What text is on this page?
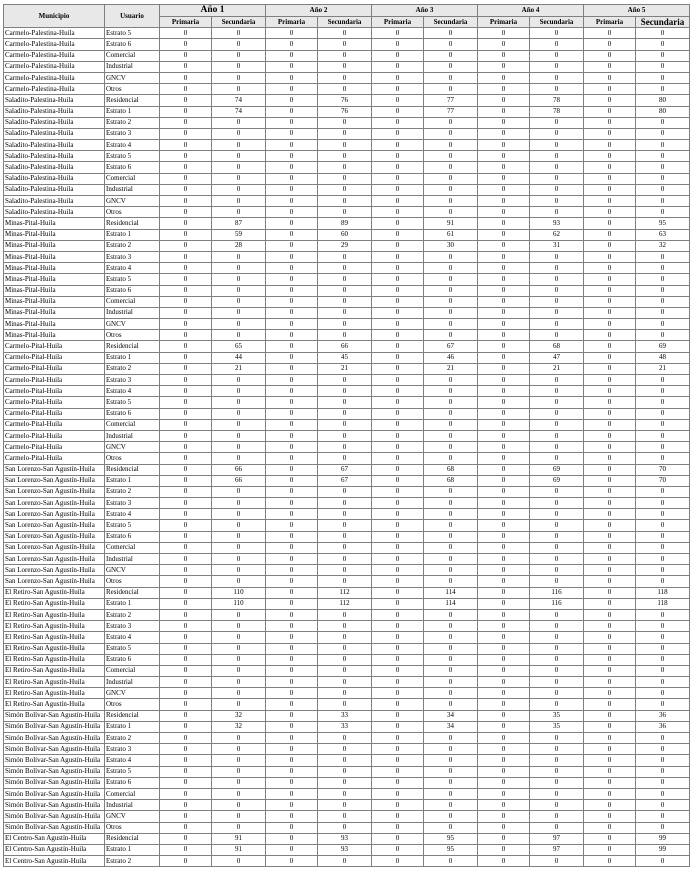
Municipio	Usuario	Año 1		Año 2		Año 3		Año 4		Año 5	
		Primaria	Secundaria	Primaria	Secundaria	Primaria	Secundaria	Primaria	Secundaria	Primaria	Secundaria
Carmelo-Palestina-Huila	Estrato 5	0	0	0	0	0	0	0	0	0	0
Carmelo-Palestina-Huila	Estrato 6	0	0	0	0	0	0	0	0	0	0
Carmelo-Palestina-Huila	Comercial	0	0	0	0	0	0	0	0	0	0
Carmelo-Palestina-Huila	Industrial	0	0	0	0	0	0	0	0	0	0
Carmelo-Palestina-Huila	GNCV	0	0	0	0	0	0	0	0	0	0
Carmelo-Palestina-Huila	Otros	0	0	0	0	0	0	0	0	0	0
Saladito-Palestina-Huila	Residencial	0	74	0	76	0	77	0	78	0	80
Saladito-Palestina-Huila	Estrato 1	0	74	0	76	0	77	0	78	0	80
Saladito-Palestina-Huila	Estrato 2	0	0	0	0	0	0	0	0	0	0
Saladito-Palestina-Huila	Estrato 3	0	0	0	0	0	0	0	0	0	0
Saladito-Palestina-Huila	Estrato 4	0	0	0	0	0	0	0	0	0	0
Saladito-Palestina-Huila	Estrato 5	0	0	0	0	0	0	0	0	0	0
Saladito-Palestina-Huila	Estrato 6	0	0	0	0	0	0	0	0	0	0
Saladito-Palestina-Huila	Comercial	0	0	0	0	0	0	0	0	0	0
Saladito-Palestina-Huila	Industrial	0	0	0	0	0	0	0	0	0	0
Saladito-Palestina-Huila	GNCV	0	0	0	0	0	0	0	0	0	0
Saladito-Palestina-Huila	Otros	0	0	0	0	0	0	0	0	0	0
Minas-Pital-Huila	Residencial	0	87	0	89	0	91	0	93	0	95
Minas-Pital-Huila	Estrato 1	0	59	0	60	0	61	0	62	0	63
Minas-Pital-Huila	Estrato 2	0	28	0	29	0	30	0	31	0	32
Minas-Pital-Huila	Estrato 3	0	0	0	0	0	0	0	0	0	0
Minas-Pital-Huila	Estrato 4	0	0	0	0	0	0	0	0	0	0
Minas-Pital-Huila	Estrato 5	0	0	0	0	0	0	0	0	0	0
Minas-Pital-Huila	Estrato 6	0	0	0	0	0	0	0	0	0	0
Minas-Pital-Huila	Comercial	0	0	0	0	0	0	0	0	0	0
Minas-Pital-Huila	Industrial	0	0	0	0	0	0	0	0	0	0
Minas-Pital-Huila	GNCV	0	0	0	0	0	0	0	0	0	0
Minas-Pital-Huila	Otros	0	0	0	0	0	0	0	0	0	0
Carmelo-Pital-Huila	Residencial	0	65	0	66	0	67	0	68	0	69
Carmelo-Pital-Huila	Estrato 1	0	44	0	45	0	46	0	47	0	48
Carmelo-Pital-Huila	Estrato 2	0	21	0	21	0	21	0	21	0	21
Carmelo-Pital-Huila	Estrato 3	0	0	0	0	0	0	0	0	0	0
Carmelo-Pital-Huila	Estrato 4	0	0	0	0	0	0	0	0	0	0
Carmelo-Pital-Huila	Estrato 5	0	0	0	0	0	0	0	0	0	0
Carmelo-Pital-Huila	Estrato 6	0	0	0	0	0	0	0	0	0	0
Carmelo-Pital-Huila	Comercial	0	0	0	0	0	0	0	0	0	0
Carmelo-Pital-Huila	Industrial	0	0	0	0	0	0	0	0	0	0
Carmelo-Pital-Huila	GNCV	0	0	0	0	0	0	0	0	0	0
Carmelo-Pital-Huila	Otros	0	0	0	0	0	0	0	0	0	0
San Lorenzo-San Agustín-Huila	Residencial	0	66	0	67	0	68	0	69	0	70
San Lorenzo-San Agustín-Huila	Estrato 1	0	66	0	67	0	68	0	69	0	70
San Lorenzo-San Agustín-Huila	Estrato 2	0	0	0	0	0	0	0	0	0	0
San Lorenzo-San Agustín-Huila	Estrato 3	0	0	0	0	0	0	0	0	0	0
San Lorenzo-San Agustín-Huila	Estrato 4	0	0	0	0	0	0	0	0	0	0
San Lorenzo-San Agustín-Huila	Estrato 5	0	0	0	0	0	0	0	0	0	0
San Lorenzo-San Agustín-Huila	Estrato 6	0	0	0	0	0	0	0	0	0	0
San Lorenzo-San Agustín-Huila	Comercial	0	0	0	0	0	0	0	0	0	0
San Lorenzo-San Agustín-Huila	Industrial	0	0	0	0	0	0	0	0	0	0
San Lorenzo-San Agustín-Huila	GNCV	0	0	0	0	0	0	0	0	0	0
San Lorenzo-San Agustín-Huila	Otros	0	0	0	0	0	0	0	0	0	0
El Retiro-San Agustín-Huila	Residencial	0	110	0	112	0	114	0	116	0	118
El Retiro-San Agustín-Huila	Estrato 1	0	110	0	112	0	114	0	116	0	118
El Retiro-San Agustín-Huila	Estrato 2	0	0	0	0	0	0	0	0	0	0
El Retiro-San Agustín-Huila	Estrato 3	0	0	0	0	0	0	0	0	0	0
El Retiro-San Agustín-Huila	Estrato 4	0	0	0	0	0	0	0	0	0	0
El Retiro-San Agustín-Huila	Estrato 5	0	0	0	0	0	0	0	0	0	0
El Retiro-San Agustín-Huila	Estrato 6	0	0	0	0	0	0	0	0	0	0
El Retiro-San Agustín-Huila	Comercial	0	0	0	0	0	0	0	0	0	0
El Retiro-San Agustín-Huila	Industrial	0	0	0	0	0	0	0	0	0	0
El Retiro-San Agustín-Huila	GNCV	0	0	0	0	0	0	0	0	0	0
El Retiro-San Agustín-Huila	Otros	0	0	0	0	0	0	0	0	0	0
Simón Bolívar-San Agustín-Huila	Residencial	0	32	0	33	0	34	0	35	0	36
Simón Bolívar-San Agustín-Huila	Estrato 1	0	32	0	33	0	34	0	35	0	36
Simón Bolívar-San Agustín-Huila	Estrato 2	0	0	0	0	0	0	0	0	0	0
Simón Bolívar-San Agustín-Huila	Estrato 3	0	0	0	0	0	0	0	0	0	0
Simón Bolívar-San Agustín-Huila	Estrato 4	0	0	0	0	0	0	0	0	0	0
Simón Bolívar-San Agustín-Huila	Estrato 5	0	0	0	0	0	0	0	0	0	0
Simón Bolívar-San Agustín-Huila	Estrato 6	0	0	0	0	0	0	0	0	0	0
Simón Bolívar-San Agustín-Huila	Comercial	0	0	0	0	0	0	0	0	0	0
Simón Bolívar-San Agustín-Huila	Industrial	0	0	0	0	0	0	0	0	0	0
Simón Bolívar-San Agustín-Huila	GNCV	0	0	0	0	0	0	0	0	0	0
Simón Bolívar-San Agustín-Huila	Otros	0	0	0	0	0	0	0	0	0	0
El Centro-San Agustín-Huila	Residencial	0	91	0	93	0	95	0	97	0	99
El Centro-San Agustín-Huila	Estrato 1	0	91	0	93	0	95	0	97	0	99
El Centro-San Agustín-Huila	Estrato 2	0	0	0	0	0	0	0	0	0	0
